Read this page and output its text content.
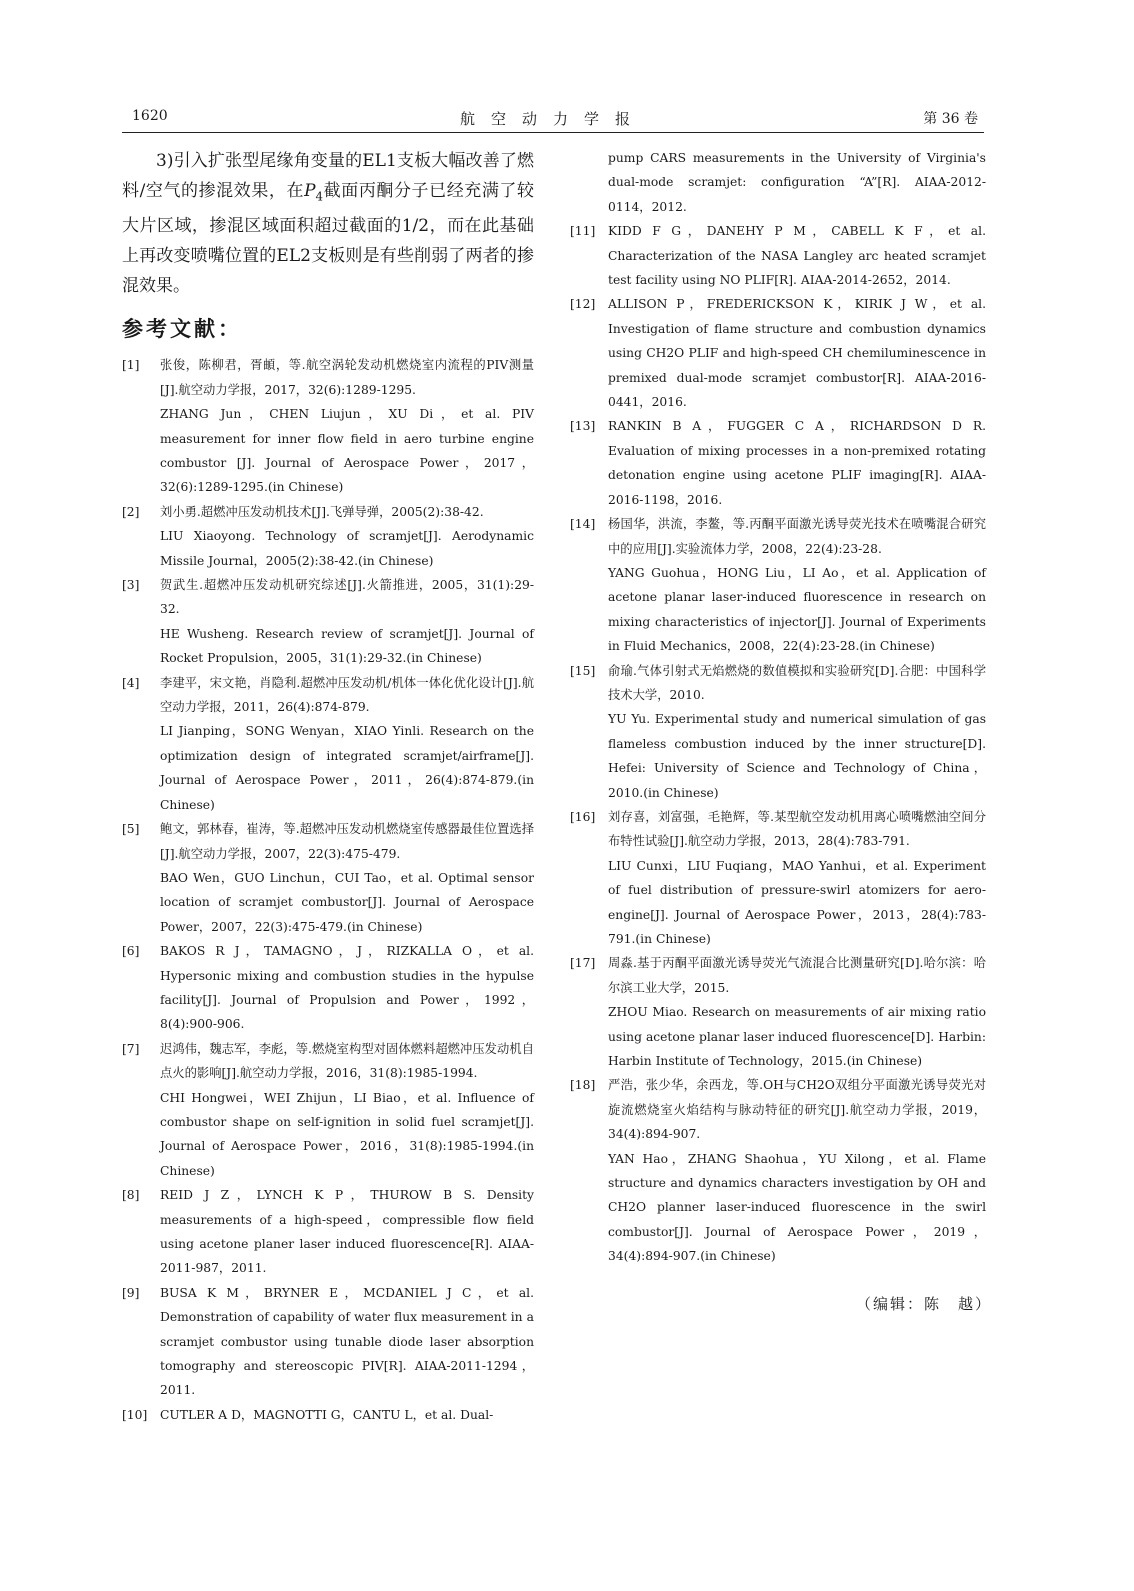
1620	航空动力学报	第 36 卷

3)引入扩张型尾缘角变量的EL1支板大幅改善了燃料/空气的掺混效果，在$P_4$截面丙酮分子已经充满了较大片区域，掺混区域面积超过截面的1/2，而在此基础上再改变喷嘴位置的EL2支板则是有些削弱了两者的掺混效果。

参考文献：
[1]	张俊，陈柳君，胥頔，等.航空涡轮发动机燃烧室内流程的PIV测量[J].航空动力学报，2017，32(6):1289-1295.

ZHANG Jun，CHEN Liujun，XU Di，et al. PIV measurement for inner flow field in aero turbine engine combustor [J]. Journal of Aerospace Power，2017，32(6):1289-1295.(in Chinese)

[2]	刘小勇.超燃冲压发动机技术[J].飞弹导弹，2005(2):38-42.

LIU Xiaoyong. Technology of scramjet[J]. Aerodynamic Missile Journal，2005(2):38-42.(in Chinese)

[3]	贺武生.超燃冲压发动机研究综述[J].火箭推进，2005，31(1):29-32.

HE Wusheng. Research review of scramjet[J]. Journal of Rocket Propulsion，2005，31(1):29-32.(in Chinese)

[4]	李建平，宋文艳，肖隐利.超燃冲压发动机/机体一体化优化设计[J].航空动力学报，2011，26(4):874-879.

LI Jianping，SONG Wenyan，XIAO Yinli. Research on the optimization design of integrated scramjet/airframe[J]. Journal of Aerospace Power，2011，26(4):874-879.(in Chinese)

[5]	鲍文，郭林春，崔涛，等.超燃冲压发动机燃烧室传感器最佳位置选择[J].航空动力学报，2007，22(3):475-479.

BAO Wen，GUO Linchun，CUI Tao，et al. Optimal sensor location of scramjet combustor[J]. Journal of Aerospace Power，2007，22(3):475-479.(in Chinese)

[6]	BAKOS R J，TAMAGNO，J，RIZKALLA O，et al. Hypersonic mixing and combustion studies in the hypulse facility[J]. Journal of Propulsion and Power，1992，8(4):900-906.

[7]	迟鸿伟，魏志军，李彪，等.燃烧室构型对固体燃料超燃冲压发动机自点火的影响[J].航空动力学报，2016，31(8):1985-1994.

CHI Hongwei，WEI Zhijun，LI Biao，et al. Influence of combustor shape on self-ignition in solid fuel scramjet[J]. Journal of Aerospace Power，2016，31(8):1985-1994.(in Chinese)

[8]	REID J Z，LYNCH K P，THUROW B S. Density measurements of a high-speed，compressible flow field using acetone planer laser induced fluorescence[R]. AIAA-2011-987，2011.

[9]	BUSA K M，BRYNER E，MCDANIEL J C，et al. Demonstration of capability of water flux measurement in a scramjet combustor using tunable diode laser absorption tomography and stereoscopic PIV[R]. AIAA-2011-1294，2011.

[10]	CUTLER A D，MAGNOTTI G，CANTU L，et al. Dual-

pump CARS measurements in the University of Virginia's dual-mode scramjet: configuration “A”[R]. AIAA-2012-0114，2012.

[11]	KIDD F G，DANEHY P M，CABELL K F，et al. Characterization of the NASA Langley arc heated scramjet test facility using NO PLIF[R]. AIAA-2014-2652，2014.

[12]	ALLISON P，FREDERICKSON K，KIRIK J W，et al. Investigation of flame structure and combustion dynamics using CH2O PLIF and high-speed CH chemiluminescence in premixed dual-mode scramjet combustor[R]. AIAA-2016-0441，2016.

[13]	RANKIN B A，FUGGER C A，RICHARDSON D R. Evaluation of mixing processes in a non-premixed rotating detonation engine using acetone PLIF imaging[R]. AIAA-2016-1198，2016.

[14]	杨国华，洪流，李鳌，等.丙酮平面激光诱导荧光技术在喷嘴混合研究中的应用[J].实验流体力学，2008，22(4):23-28.

YANG Guohua，HONG Liu，LI Ao，et al. Application of acetone planar laser-induced fluorescence in research on mixing characteristics of injector[J]. Journal of Experiments in Fluid Mechanics，2008，22(4):23-28.(in Chinese)

[15]	俞瑜.气体引射式无焰燃烧的数值模拟和实验研究[D].合肥：中国科学技术大学，2010.

YU Yu. Experimental study and numerical simulation of gas flameless combustion induced by the inner structure[D]. Hefei: University of Science and Technology of China，2010.(in Chinese)

[16]	刘存喜，刘富强，毛艳辉，等.某型航空发动机用离心喷嘴燃油空间分布特性试验[J].航空动力学报，2013，28(4):783-791.

LIU Cunxi，LIU Fuqiang，MAO Yanhui，et al. Experiment of fuel distribution of pressure-swirl atomizers for aero-engine[J]. Journal of Aerospace Power，2013，28(4):783-791.(in Chinese)

[17]	周淼.基于丙酮平面激光诱导荧光气流混合比测量研究[D].哈尔滨：哈尔滨工业大学，2015.

ZHOU Miao. Research on measurements of air mixing ratio using acetone planar laser induced fluorescence[D]. Harbin: Harbin Institute of Technology，2015.(in Chinese)

[18]	严浩，张少华，余西龙，等.OH与CH2O双组分平面激光诱导荧光对旋流燃烧室火焰结构与脉动特征的研究[J].航空动力学报，2019，34(4):894-907.

YAN Hao，ZHANG Shaohua，YU Xilong，et al. Flame structure and dynamics characters investigation by OH and CH2O planner laser-induced fluorescence in the swirl combustor[J]. Journal of Aerospace Power，2019，34(4):894-907.(in Chinese)

（编辑：陈　越）
